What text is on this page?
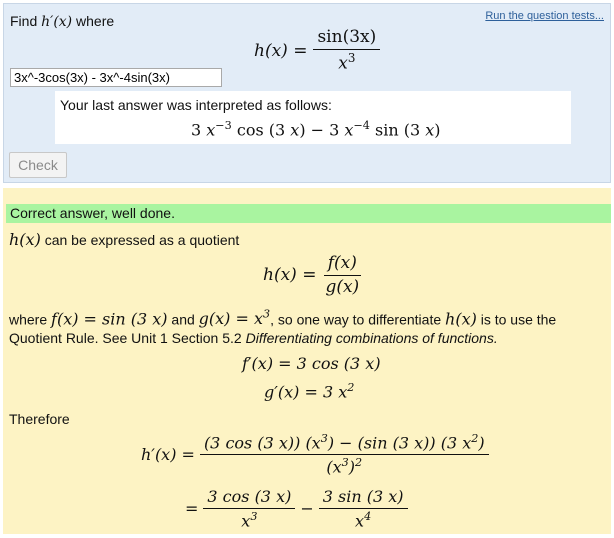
Find h′(x) where	Run the question tests...
$h(x) = \frac{\sin(3x)}{x^3}$
3x^-3cos(3x) - 3x^-4sin(3x)
Your last answer was interpreted as follows:
3 $x^{-3}$ cos (3 x) − 3 $x^{-4}$ sin (3 x)
Check
Correct answer, well done.
h(x) can be expressed as a quotient
$h(x) = \frac{f(x)}{g(x)}$
where f(x) = sin (3 x) and $g(x) = x^3$, so one way to differentiate h(x) is to use the
Quotient Rule. See Unit 1 Section 5.2 Differentiating combinations of functions.
f′(x) = 3 cos (3 x)
g′(x) = 3 $x^2$
Therefore
$h'(x) = \frac{(3 \cos (3 x)) (x^3) - (\sin (3 x)) (3 x^2)}{(x^3)^2}$
= $\frac{3 \cos (3 x)}{x^3} - \frac{3 \sin (3 x)}{x^4}$
